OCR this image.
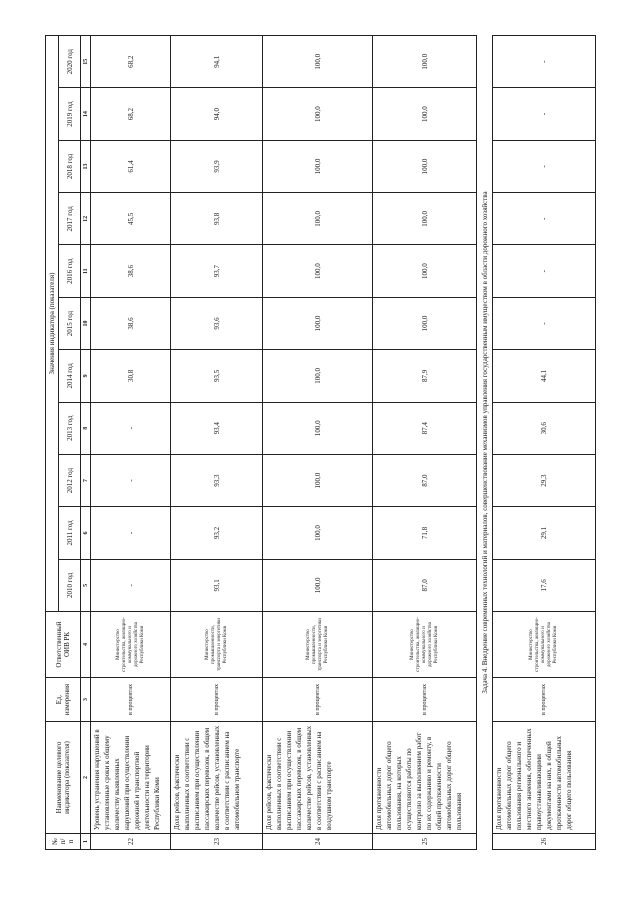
№ п/п	Наименование целевого индикатора (показателя)	Ед. измерения	Ответственный ОИВ РК	Значения индикатора (показателя)										
				2010 год	2011 год	2012 год	2013 год	2014 год	2015 год	2016 год	2017 год	2018 год	2019 год	2020 год
1	2	3	4	5	6	7	8	9	10	11	12	13	14	15
22	Уровень устранения нарушений в установленные сроки к общему количеству выявленных нарушений при осуществлении дорожной и транспортной деятельности на территории Республики Коми	в процентах	Министерство строительства, жилищно-коммунального и дорожного хозяйства Республики Коми	-	-	-	-	30,8	38,6	38,6	45,5	61,4	68,2	68,2
23	Доля рейсов, фактически выполненных в соответствии с расписанием при осуществлении пассажирских перевозок, в общем количестве рейсов, установленных в соответствии с расписанием на автомобильном транспорте	в процентах	Министерство промышленности, транспорта и энергетики Республики Коми	93,1	93,2	93,3	93,4	93,5	93,6	93,7	93,8	93,9	94,0	94,1
24	Доля рейсов, фактически выполненных в соответствии с расписанием при осуществлении пассажирских перевозок, в общем количестве рейсов, установленных в соответствии с расписанием на воздушном транспорте	в процентах	Министерство промышленности, транспорта и энергетики Республики Коми	100,0	100,0	100,0	100,0	100,0	100,0	100,0	100,0	100,0	100,0	100,0
25	Доля протяженности автомобильных дорог общего пользования, на которых осуществляются работы по контролю за выполнением работ по их содержанию и ремонту, в общей протяженности автомобильных дорог общего пользования	в процентах	Министерство строительства, жилищно-коммунального и дорожного хозяйства Республики Коми	87,0	71,8	87,0	87,4	87,9	100,0	100,0	100,0	100,0	100,0	100,0
Задача 4. Внедрение современных технологий и материалов, совершенствование механизмов управления государственным имуществом в области дорожного хозяйства														
26	Доля протяженности автомобильных дорог общего пользования регионального и местного значения, обеспеченных правоустанавливающими документами на них, в общей протяженности автомобильных дорог общего пользования	в процентах	Министерство строительства, жилищно-коммунального и дорожного хозяйства Республики Коми	17,6	29,1	29,3	30,6	44,1	-	-	-	-	-	-
